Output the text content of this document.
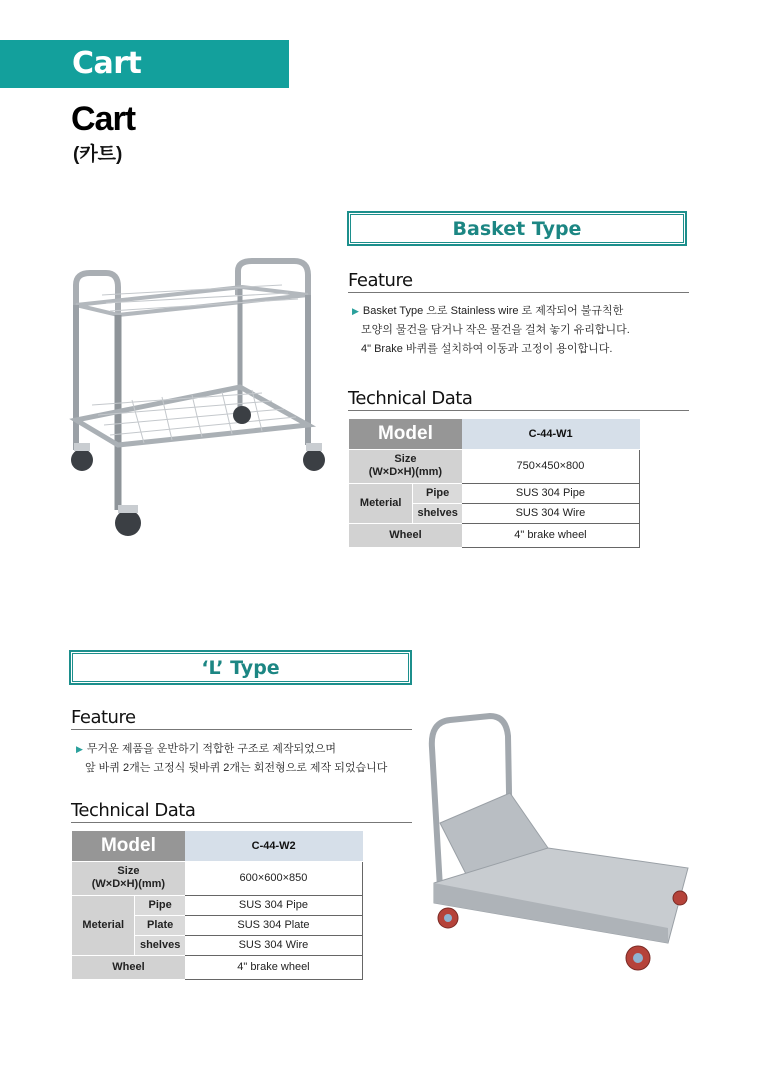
Cart
Cart
(카트)
Basket Type
Feature
▶ Basket Type 으로 Stainless wire 로 제작되어 불규칙한
모양의 물건을 담거나 작은 물건을 걸쳐 놓기 유리합니다.
4" Brake 바퀴를 설치하여 이동과 고정이 용이합니다.
Technical Data
Model		C-44-W1
Size
(W×D×H)(mm)		750×450×800
Meterial	Pipe	SUS 304 Pipe
	shelves	SUS 304 Wire
Wheel		4" brake wheel
‘L’ Type
Feature
▶ 무거운 제품을 운반하기 적합한 구조로 제작되었으며
앞 바퀴 2개는 고정식 뒷바퀴 2개는 회전형으로 제작 되었습니다
Technical Data
Model		C-44-W2
Size
(W×D×H)(mm)		600×600×850
Meterial	Pipe	SUS 304 Pipe
	Plate	SUS 304 Plate
	shelves	SUS 304 Wire
Wheel		4" brake wheel
